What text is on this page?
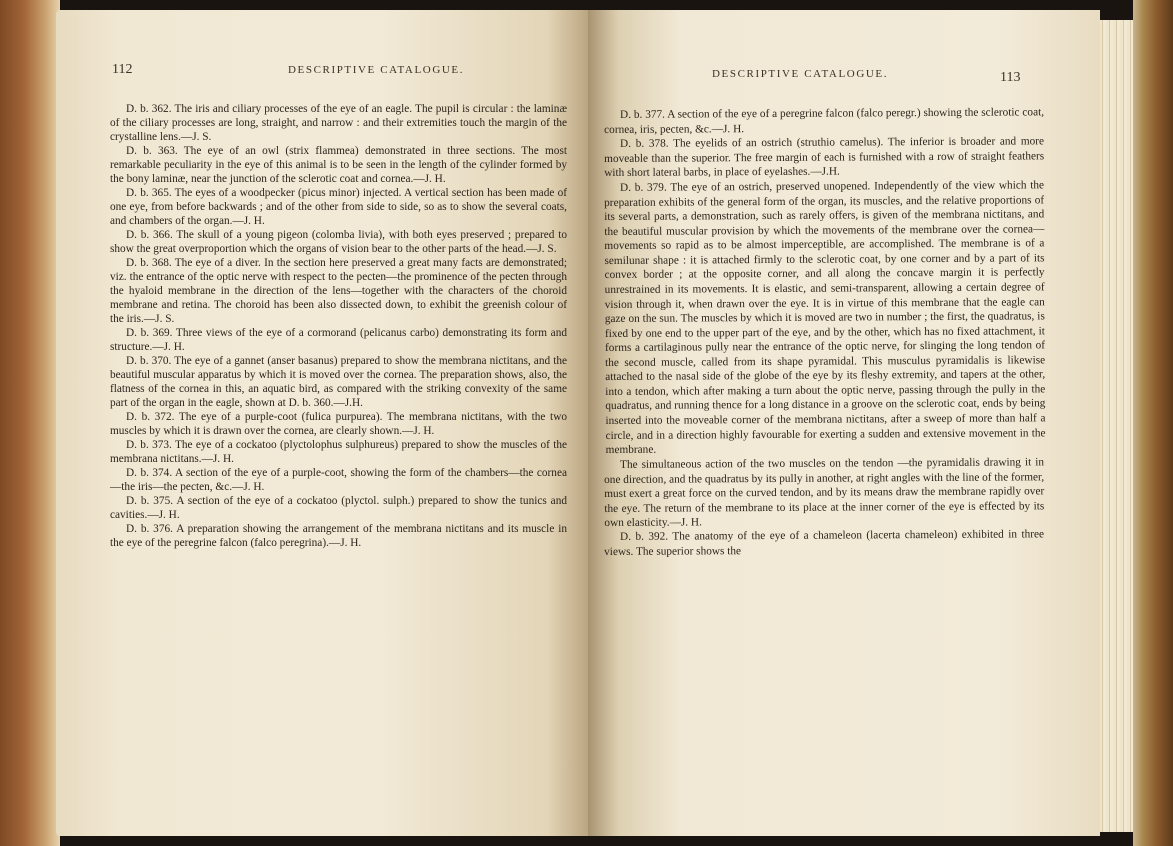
112	DESCRIPTIVE CATALOGUE.	DESCRIPTIVE CATALOGUE.	113

D. b. 362. The iris and ciliary processes of the eye of an eagle. The pupil is circular : the laminæ of the ciliary processes are long, straight, and narrow : and their extremities touch the margin of the crystalline lens.—J. S.

D. b. 363. The eye of an owl (strix flammea) demonstrated in three sections. The most remarkable peculiarity in the eye of this animal is to be seen in the length of the cylinder formed by the bony laminæ, near the junction of the sclerotic coat and cornea.—J. H.

D. b. 365. The eyes of a woodpecker (picus minor) injected. A vertical section has been made of one eye, from before backwards ; and of the other from side to side, so as to show the several coats, and chambers of the organ.—J. H.

D. b. 366. The skull of a young pigeon (colomba livia), with both eyes preserved ; prepared to show the great overproportion which the organs of vision bear to the other parts of the head.—J. S.

D. b. 368. The eye of a diver. In the section here preserved a great many facts are demonstrated; viz. the entrance of the optic nerve with respect to the pecten—the prominence of the pecten through the hyaloid membrane in the direction of the lens—together with the characters of the choroid membrane and retina. The choroid has been also dissected down, to exhibit the greenish colour of the iris.—J. S.

D. b. 369. Three views of the eye of a cormorand (pelicanus carbo) demonstrating its form and structure.—J. H.

D. b. 370. The eye of a gannet (anser basanus) prepared to show the membrana nictitans, and the beautiful muscular apparatus by which it is moved over the cornea. The preparation shows, also, the flatness of the cornea in this, an aquatic bird, as compared with the striking convexity of the same part of the organ in the eagle, shown at D. b. 360.—J.H.

D. b. 372. The eye of a purple-coot (fulica purpurea). The membrana nictitans, with the two muscles by which it is drawn over the cornea, are clearly shown.—J. H.

D. b. 373. The eye of a cockatoo (plyctolophus sulphureus) prepared to show the muscles of the membrana nictitans.—J. H.

D. b. 374. A section of the eye of a purple-coot, showing the form of the chambers—the cornea—the iris—the pecten, &c.—J. H.

D. b. 375. A section of the eye of a cockatoo (plyctol. sulph.) prepared to show the tunics and cavities.—J. H.

D. b. 376. A preparation showing the arrangement of the membrana nictitans and its muscle in the eye of the peregrine falcon (falco peregrina).—J. H.

D. b. 377. A section of the eye of a peregrine falcon (falco peregr.) showing the sclerotic coat, cornea, iris, pecten, &c.—J. H.

D. b. 378. The eyelids of an ostrich (struthio camelus). The inferior is broader and more moveable than the superior. The free margin of each is furnished with a row of straight feathers with short lateral barbs, in place of eyelashes.—J.H.

D. b. 379. The eye of an ostrich, preserved unopened. Independently of the view which the preparation exhibits of the general form of the organ, its muscles, and the relative proportions of its several parts, a demonstration, such as rarely offers, is given of the membrana nictitans, and the beautiful muscular provision by which the movements of the membrane over the cornea—movements so rapid as to be almost imperceptible, are accomplished. The membrane is of a semilunar shape : it is attached firmly to the sclerotic coat, by one corner and by a part of its convex border ; at the opposite corner, and all along the concave margin it is perfectly unrestrained in its movements. It is elastic, and semi-transparent, allowing a certain degree of vision through it, when drawn over the eye. It is in virtue of this membrane that the eagle can gaze on the sun. The muscles by which it is moved are two in number ; the first, the quadratus, is fixed by one end to the upper part of the eye, and by the other, which has no fixed attachment, it forms a cartilaginous pully near the entrance of the optic nerve, for slinging the long tendon of the second muscle, called from its shape pyramidal. This musculus pyramidalis is likewise attached to the nasal side of the globe of the eye by its fleshy extremity, and tapers at the other, into a tendon, which after making a turn about the optic nerve, passing through the pully in the quadratus, and running thence for a long distance in a groove on the sclerotic coat, ends by being inserted into the moveable corner of the membrana nictitans, after a sweep of more than half a circle, and in a direction highly favourable for exerting a sudden and extensive movement in the membrane.

The simultaneous action of the two muscles on the tendon —the pyramidalis drawing it in one direction, and the quadratus by its pully in another, at right angles with the line of the former, must exert a great force on the curved tendon, and by its means draw the membrane rapidly over the eye. The return of the membrane to its place at the inner corner of the eye is effected by its own elasticity.—J. H.

D. b. 392. The anatomy of the eye of a chameleon (lacerta chameleon) exhibited in three views. The superior shows the
